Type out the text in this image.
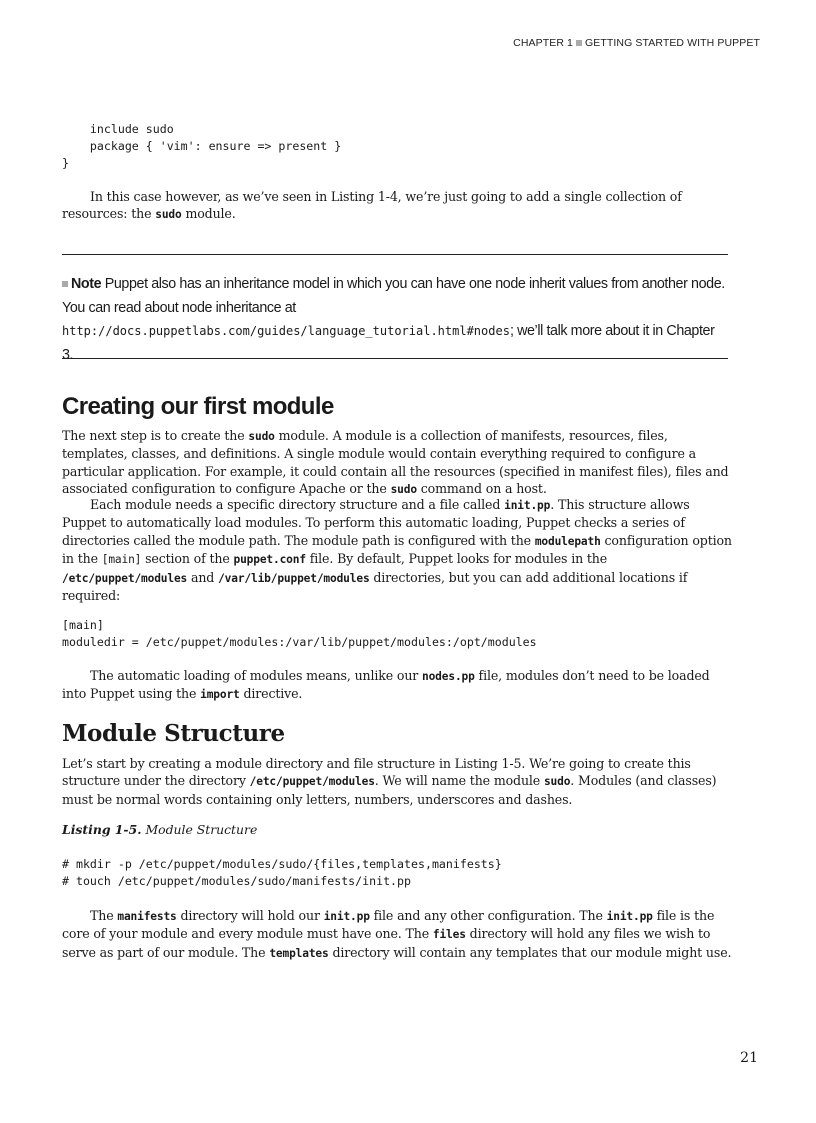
CHAPTER 1 GETTING STARTED WITH PUPPET
include sudo
package { 'vim': ensure => present }
}

In this case however, as we’ve seen in Listing 1-4, we’re just going to add a single collection of resources: the sudo module.

Note Puppet also has an inheritance model in which you can have one node inherit values from another node. You can read about node inheritance at http://docs.puppetlabs.com/guides/language_tutorial.html#nodes; we’ll talk more about it in Chapter 3.

Creating our first module

The next step is to create the sudo module. A module is a collection of manifests, resources, files, templates, classes, and definitions. A single module would contain everything required to configure a particular application. For example, it could contain all the resources (specified in manifest files), files and associated configuration to configure Apache or the sudo command on a host.

Each module needs a specific directory structure and a file called init.pp. This structure allows Puppet to automatically load modules. To perform this automatic loading, Puppet checks a series of directories called the module path. The module path is configured with the modulepath configuration option in the [main] section of the puppet.conf file. By default, Puppet looks for modules in the /etc/puppet/modules and /var/lib/puppet/modules directories, but you can add additional locations if required:

[main]
moduledir = /etc/puppet/modules:/var/lib/puppet/modules:/opt/modules

The automatic loading of modules means, unlike our nodes.pp file, modules don’t need to be loaded into Puppet using the import directive.

Module Structure

Let’s start by creating a module directory and file structure in Listing 1-5. We’re going to create this structure under the directory /etc/puppet/modules. We will name the module sudo. Modules (and classes) must be normal words containing only letters, numbers, underscores and dashes.

Listing 1-5. Module Structure

# mkdir -p /etc/puppet/modules/sudo/{files,templates,manifests}
# touch /etc/puppet/modules/sudo/manifests/init.pp

The manifests directory will hold our init.pp file and any other configuration. The init.pp file is the core of your module and every module must have one. The files directory will hold any files we wish to serve as part of our module. The templates directory will contain any templates that our module might use.

21
